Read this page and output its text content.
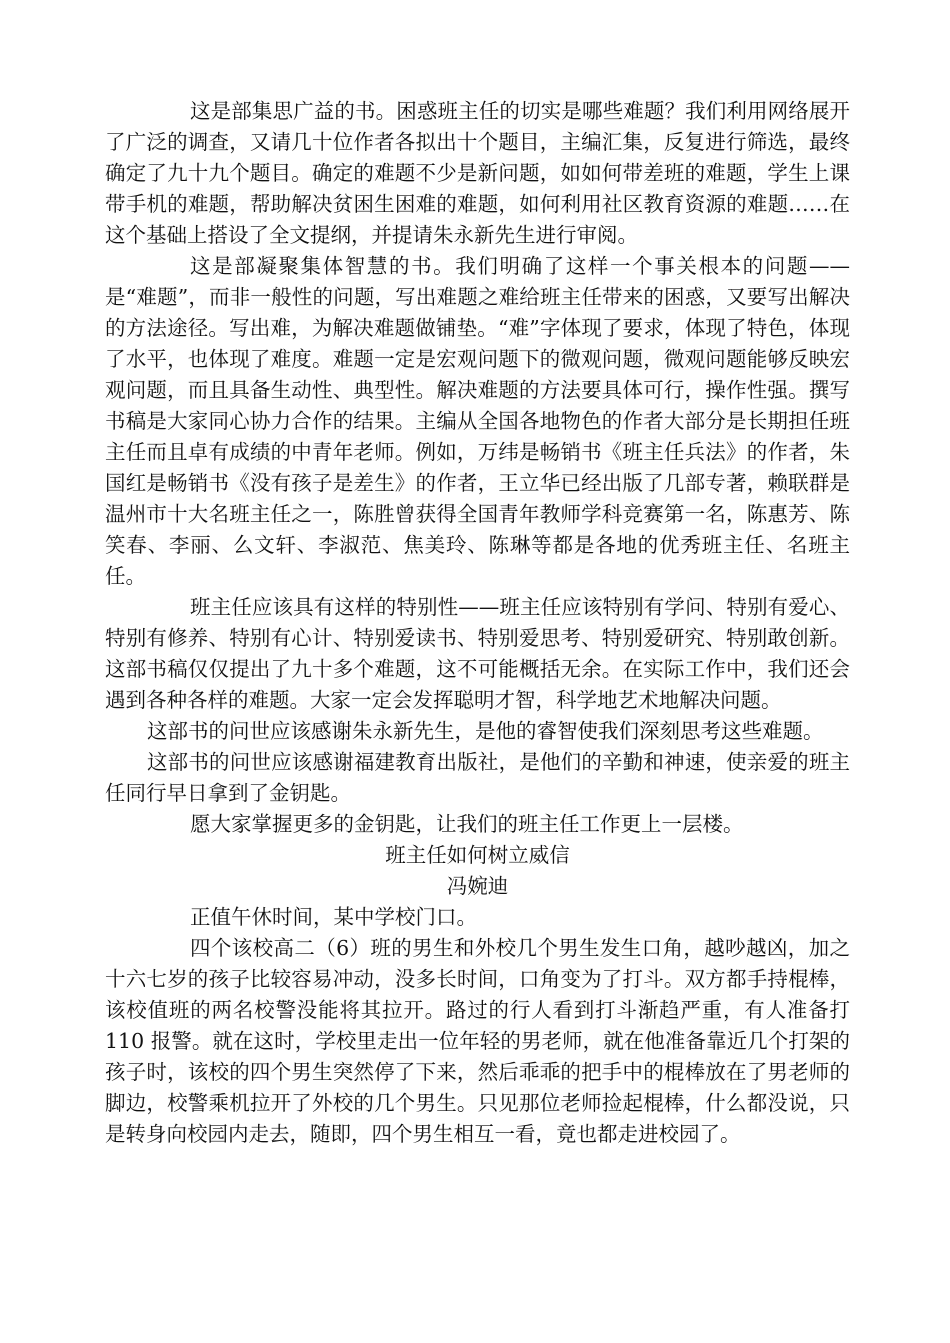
这是部集思广益的书。困惑班主任的切实是哪些难题？我们利用网络展开了广泛的调查，又请几十位作者各拟出十个题目，主编汇集，反复进行筛选，最终确定了九十九个题目。确定的难题不少是新问题，如如何带差班的难题，学生上课带手机的难题，帮助解决贫困生困难的难题，如何利用社区教育资源的难题……在这个基础上搭设了全文提纲，并提请朱永新先生进行审阅。

这是部凝聚集体智慧的书。我们明确了这样一个事关根本的问题——是“难题”，而非一般性的问题，写出难题之难给班主任带来的困惑，又要写出解决的方法途径。写出难，为解决难题做铺垫。“难”字体现了要求，体现了特色，体现了水平，也体现了难度。难题一定是宏观问题下的微观问题，微观问题能够反映宏观问题，而且具备生动性、典型性。解决难题的方法要具体可行，操作性强。撰写书稿是大家同心协力合作的结果。主编从全国各地物色的作者大部分是长期担任班主任而且卓有成绩的中青年老师。例如，万纬是畅销书《班主任兵法》的作者，朱国红是畅销书《没有孩子是差生》的作者，王立华已经出版了几部专著，赖联群是温州市十大名班主任之一，陈胜曾获得全国青年教师学科竞赛第一名，陈惠芳、陈笑春、李丽、么文轩、李淑范、焦美玲、陈琳等都是各地的优秀班主任、名班主任。

班主任应该具有这样的特别性——班主任应该特别有学问、特别有爱心、特别有修养、特别有心计、特别爱读书、特别爱思考、特别爱研究、特别敢创新。这部书稿仅仅提出了九十多个难题，这不可能概括无余。在实际工作中，我们还会遇到各种各样的难题。大家一定会发挥聪明才智，科学地艺术地解决问题。

这部书的问世应该感谢朱永新先生，是他的睿智使我们深刻思考这些难题。

这部书的问世应该感谢福建教育出版社，是他们的辛勤和神速，使亲爱的班主任同行早日拿到了金钥匙。

愿大家掌握更多的金钥匙，让我们的班主任工作更上一层楼。

班主任如何树立威信

冯婉迪

正值午休时间，某中学校门口。

四个该校高二（6）班的男生和外校几个男生发生口角，越吵越凶，加之十六七岁的孩子比较容易冲动，没多长时间，口角变为了打斗。双方都手持棍棒，该校值班的两名校警没能将其拉开。路过的行人看到打斗渐趋严重，有人准备打 110 报警。就在这时，学校里走出一位年轻的男老师，就在他准备靠近几个打架的孩子时，该校的四个男生突然停了下来，然后乖乖的把手中的棍棒放在了男老师的脚边，校警乘机拉开了外校的几个男生。只见那位老师捡起棍棒，什么都没说，只是转身向校园内走去，随即，四个男生相互一看，竟也都走进校园了。
